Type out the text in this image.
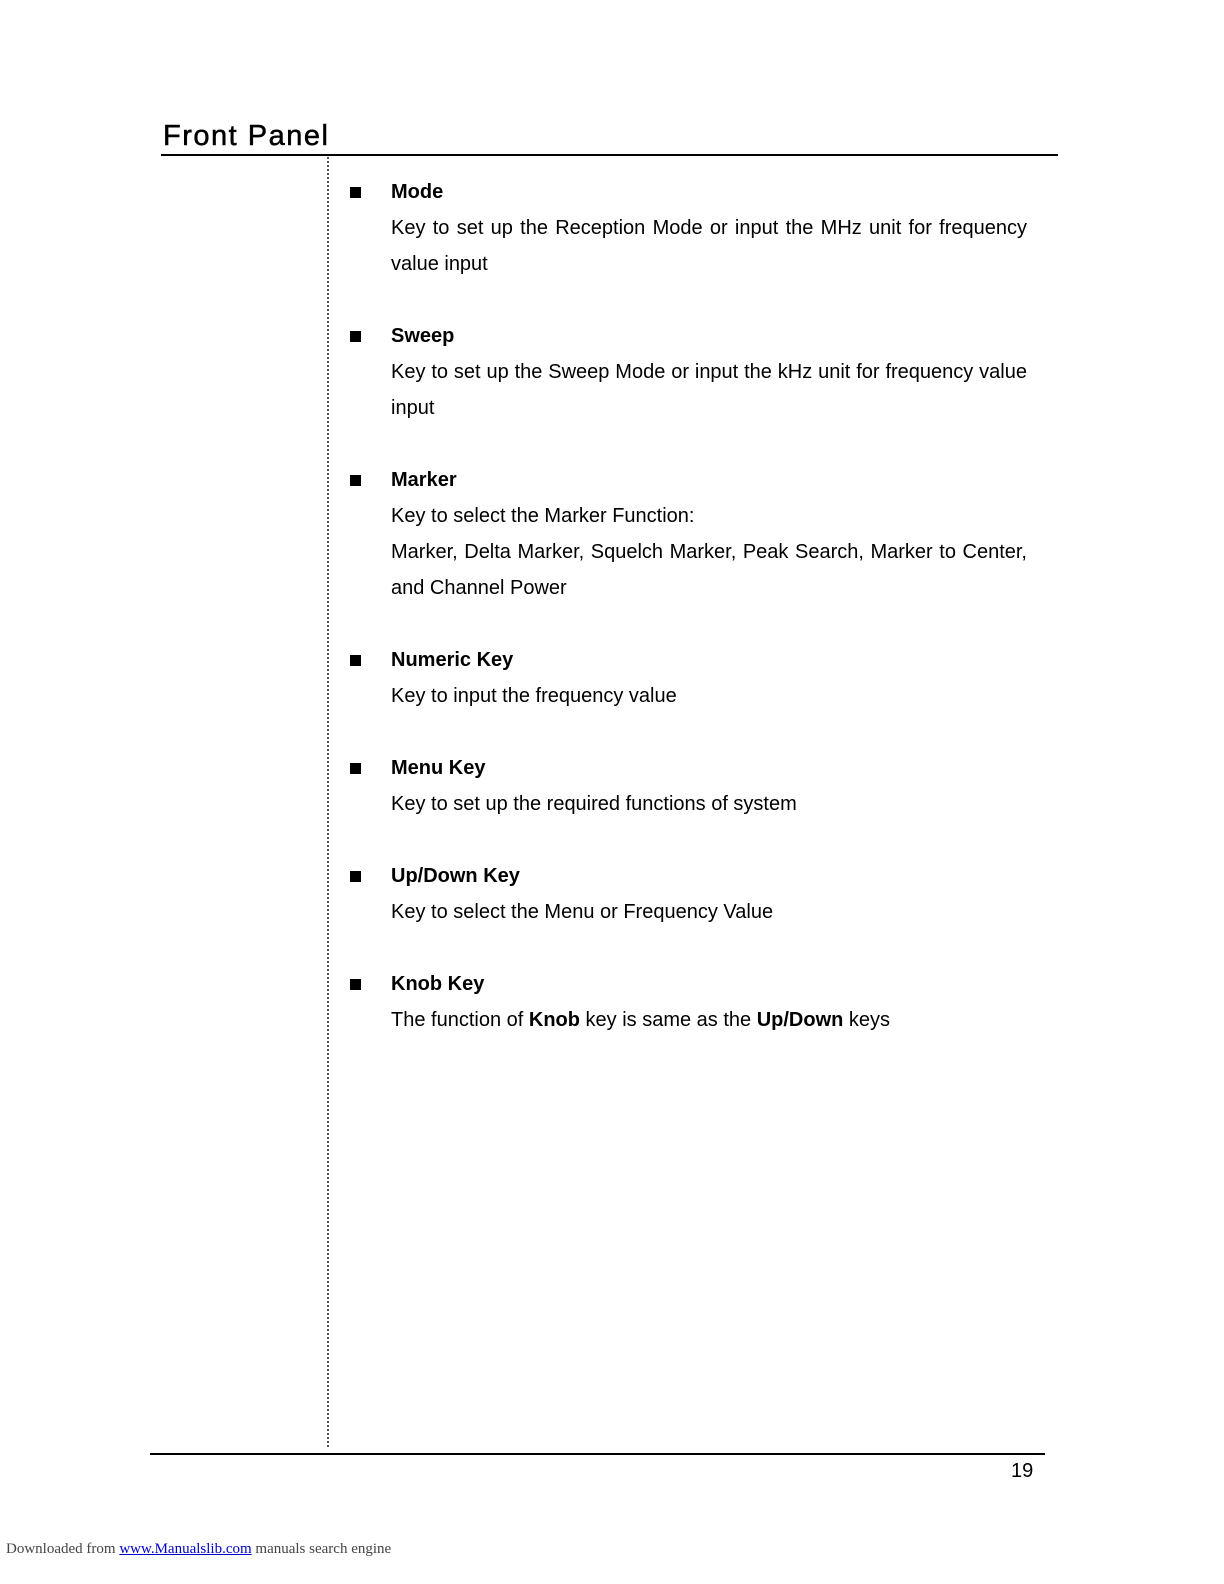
Front Panel

Mode

Key to set up the Reception Mode or input the MHz unit for frequency value input

Sweep

Key to set up the Sweep Mode or input the kHz unit for frequency value input

Marker

Key to select the Marker Function:

Marker, Delta Marker, Squelch Marker, Peak Search, Marker to Center, and Channel Power

Numeric Key

Key to input the frequency value

Menu Key

Key to set up the required functions of system

Up/Down Key

Key to select the Menu or Frequency Value

Knob Key

The function of Knob key is same as the Up/Down keys

19
Downloaded from www.Manualslib.com manuals search engine
